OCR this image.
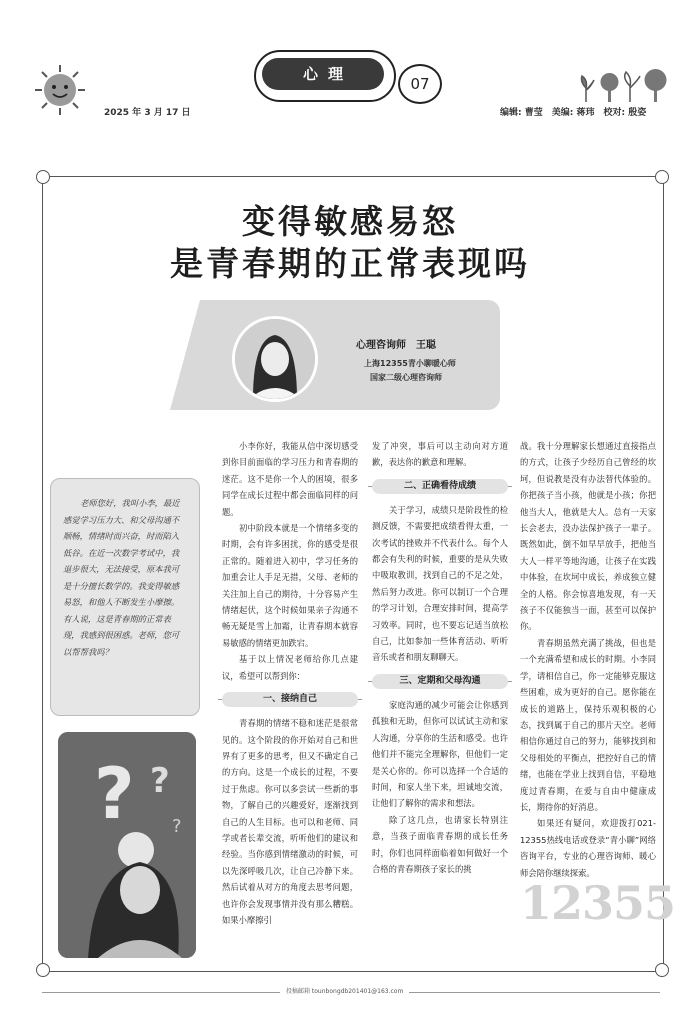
2025 年 3 月 17 日
心理
07
编辑: 曹莹　美编: 蒋玮　校对: 殷姿
变得敏感易怒
是青春期的正常表现吗
心理咨询师　王聪
上海12355青小聊暖心师
国家二级心理咨询师

老师您好，我叫小李，最近感觉学习压力大、和父母沟通不顺畅，情绪时而兴奋，时而陷入低谷。在近一次数学考试中，我退步很大，无法接受，原本我可是十分擅长数学的。我变得敏感易怒，和他人不断发生小摩擦。有人说，这是青春期的正常表现，我感到很困惑。老师，您可以帮帮我吗？

? ?
?

小李你好，我能从信中深切感受到你目前面临的学习压力和青春期的迷茫。这不是你一个人的困境，很多同学在成长过程中都会面临同样的问题。

初中阶段本就是一个情绪多变的时期，会有许多困扰，你的感受是很正常的。随着进入初中，学习任务的加重会让人手足无措，父母、老师的关注加上自己的期待，十分容易产生情绪起伏，这个时候如果亲子沟通不畅无疑是雪上加霜，让青春期本就容易敏感的情绪更加跌宕。

基于以上情况老师给你几点建议，希望可以帮到你：

一、接纳自己

青春期的情绪不稳和迷茫是很常见的。这个阶段的你开始对自己和世界有了更多的思考，但又不确定自己的方向。这是一个成长的过程，不要过于焦虑。你可以多尝试一些新的事物，了解自己的兴趣爱好，逐渐找到自己的人生目标。也可以和老师、同学或者长辈交流，听听他们的建议和经验。当你感到情绪激动的时候，可以先深呼吸几次，让自己冷静下来。然后试着从对方的角度去思考问题，也许你会发现事情并没有那么糟糕。如果小摩擦引

发了冲突，事后可以主动向对方道歉，表达你的歉意和理解。

二、正确看待成绩

关于学习，成绩只是阶段性的检测反馈，不需要把成绩看得太重，一次考试的挫败并不代表什么。每个人都会有失利的时候，重要的是从失败中吸取教训，找到自己的不足之处，然后努力改进。你可以制订一个合理的学习计划，合理安排时间，提高学习效率。同时，也不要忘记适当放松自己，比如参加一些体育活动、听听音乐或者和朋友聊聊天。

三、定期和父母沟通

家庭沟通的减少可能会让你感到孤独和无助，但你可以试试主动和家人沟通，分享你的生活和感受。也许他们并不能完全理解你，但他们一定是关心你的。你可以选择一个合适的时间，和家人坐下来，坦诚地交流，让他们了解你的需求和想法。

除了这几点，也请家长特别注意，当孩子面临青春期的成长任务时，你们也同样面临着如何做好一个合格的青春期孩子家长的挑

战。我十分理解家长想通过直接指点的方式，让孩子少经历自己曾经的坎坷，但说教是没有办法替代体验的。你把孩子当小孩，他就是小孩；你把他当大人，他就是大人。总有一天家长会老去，没办法保护孩子一辈子。既然如此，倒不如早早放手，把他当大人一样平等地沟通，让孩子在实践中体验，在坎坷中成长，养成独立健全的人格。你会惊喜地发现，有一天孩子不仅能独当一面，甚至可以保护你。

青春期虽然充满了挑战，但也是一个充满希望和成长的时期。小李同学，请相信自己，你一定能够克服这些困难，成为更好的自己。愿你能在成长的道路上，保持乐观积极的心态，找到属于自己的那片天空。老师相信你通过自己的努力，能够找到和父母相处的平衡点，把控好自己的情绪，也能在学业上找到自信，平稳地度过青春期，在爱与自由中健康成长，期待你的好消息。

如果还有疑问，欢迎拨打021-12355热线电话或登录“青小聊”网络咨询平台，专业的心理咨询师、暖心师会陪你继续探索。

12355
投稿邮箱 tounbongdb201401@163.com
